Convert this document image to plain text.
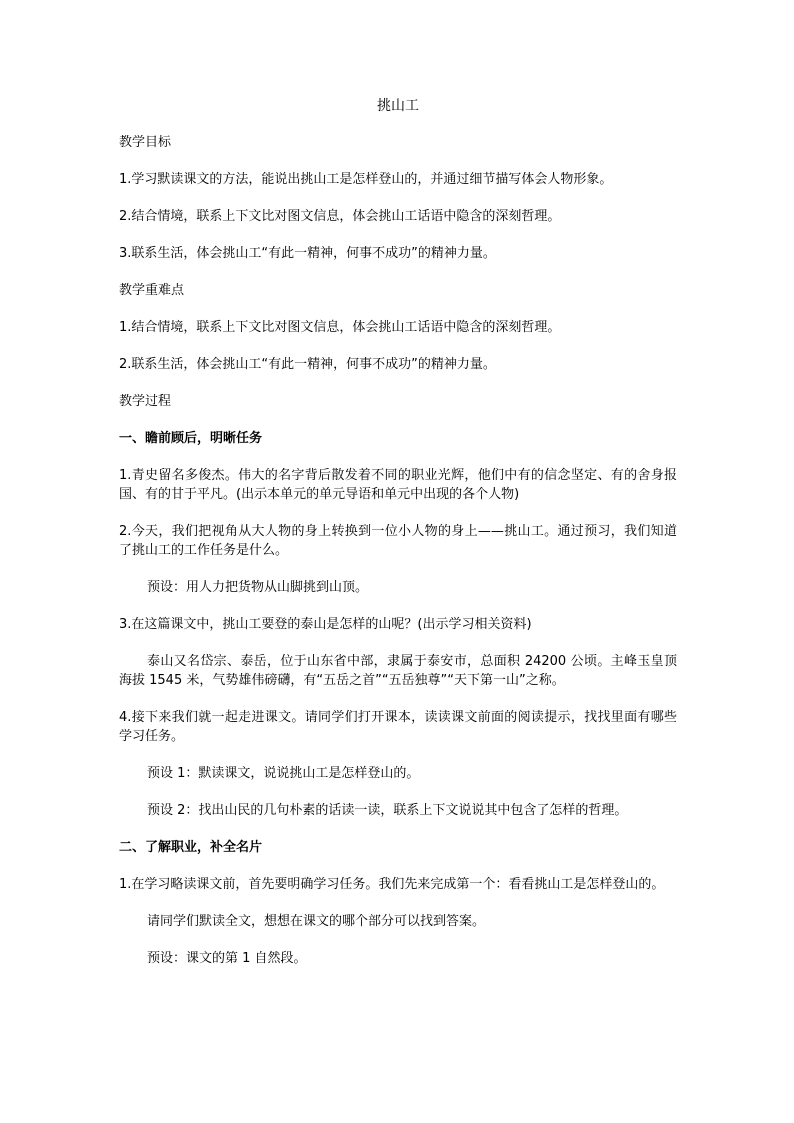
挑山工
教学目标
1.学习默读课文的方法，能说出挑山工是怎样登山的，并通过细节描写体会人物形象。
2.结合情境，联系上下文比对图文信息，体会挑山工话语中隐含的深刻哲理。
3.联系生活，体会挑山工“有此一精神，何事不成功”的精神力量。
教学重难点
1.结合情境，联系上下文比对图文信息，体会挑山工话语中隐含的深刻哲理。
2.联系生活，体会挑山工“有此一精神，何事不成功”的精神力量。
教学过程
一、瞻前顾后，明晰任务
1.青史留名多俊杰。伟大的名字背后散发着不同的职业光辉，他们中有的信念坚定、有的舍身报国、有的甘于平凡。(出示本单元的单元导语和单元中出现的各个人物)
2.今天，我们把视角从大人物的身上转换到一位小人物的身上——挑山工。通过预习，我们知道了挑山工的工作任务是什么。
预设：用人力把货物从山脚挑到山顶。
3.在这篇课文中，挑山工要登的泰山是怎样的山呢？(出示学习相关资料)
泰山又名岱宗、泰岳，位于山东省中部，隶属于泰安市，总面积 24200 公顷。主峰玉皇顶海拔 1545 米，气势雄伟磅礴，有“五岳之首”“五岳独尊”“天下第一山”之称。
4.接下来我们就一起走进课文。请同学们打开课本，读读课文前面的阅读提示，找找里面有哪些学习任务。
预设 1：默读课文，说说挑山工是怎样登山的。
预设 2：找出山民的几句朴素的话读一读，联系上下文说说其中包含了怎样的哲理。
二、了解职业，补全名片
1.在学习略读课文前，首先要明确学习任务。我们先来完成第一个：看看挑山工是怎样登山的。
请同学们默读全文，想想在课文的哪个部分可以找到答案。
预设：课文的第 1 自然段。
